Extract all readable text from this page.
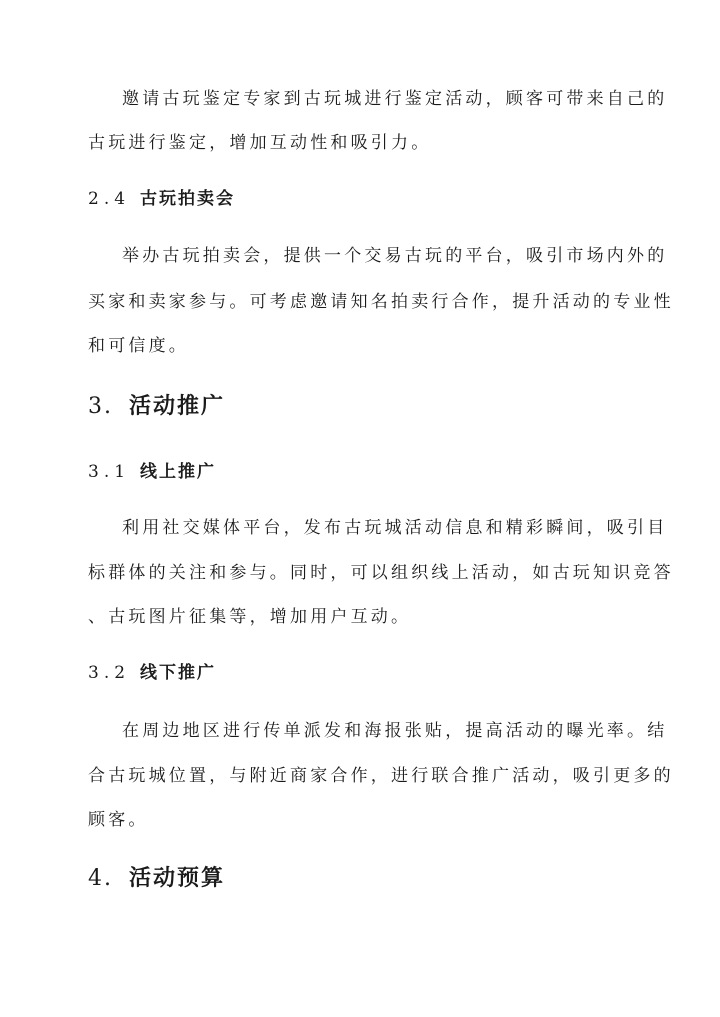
邀请古玩鉴定专家到古玩城进行鉴定活动，顾客可带来自己的
古玩进行鉴定，增加互动性和吸引力。
2.4 古玩拍卖会
举办古玩拍卖会，提供一个交易古玩的平台，吸引市场内外的
买家和卖家参与。可考虑邀请知名拍卖行合作，提升活动的专业性
和可信度。
3. 活动推广
3.1 线上推广
利用社交媒体平台，发布古玩城活动信息和精彩瞬间，吸引目
标群体的关注和参与。同时，可以组织线上活动，如古玩知识竞答
、古玩图片征集等，增加用户互动。
3.2 线下推广
在周边地区进行传单派发和海报张贴，提高活动的曝光率。结
合古玩城位置，与附近商家合作，进行联合推广活动，吸引更多的
顾客。
4. 活动预算
